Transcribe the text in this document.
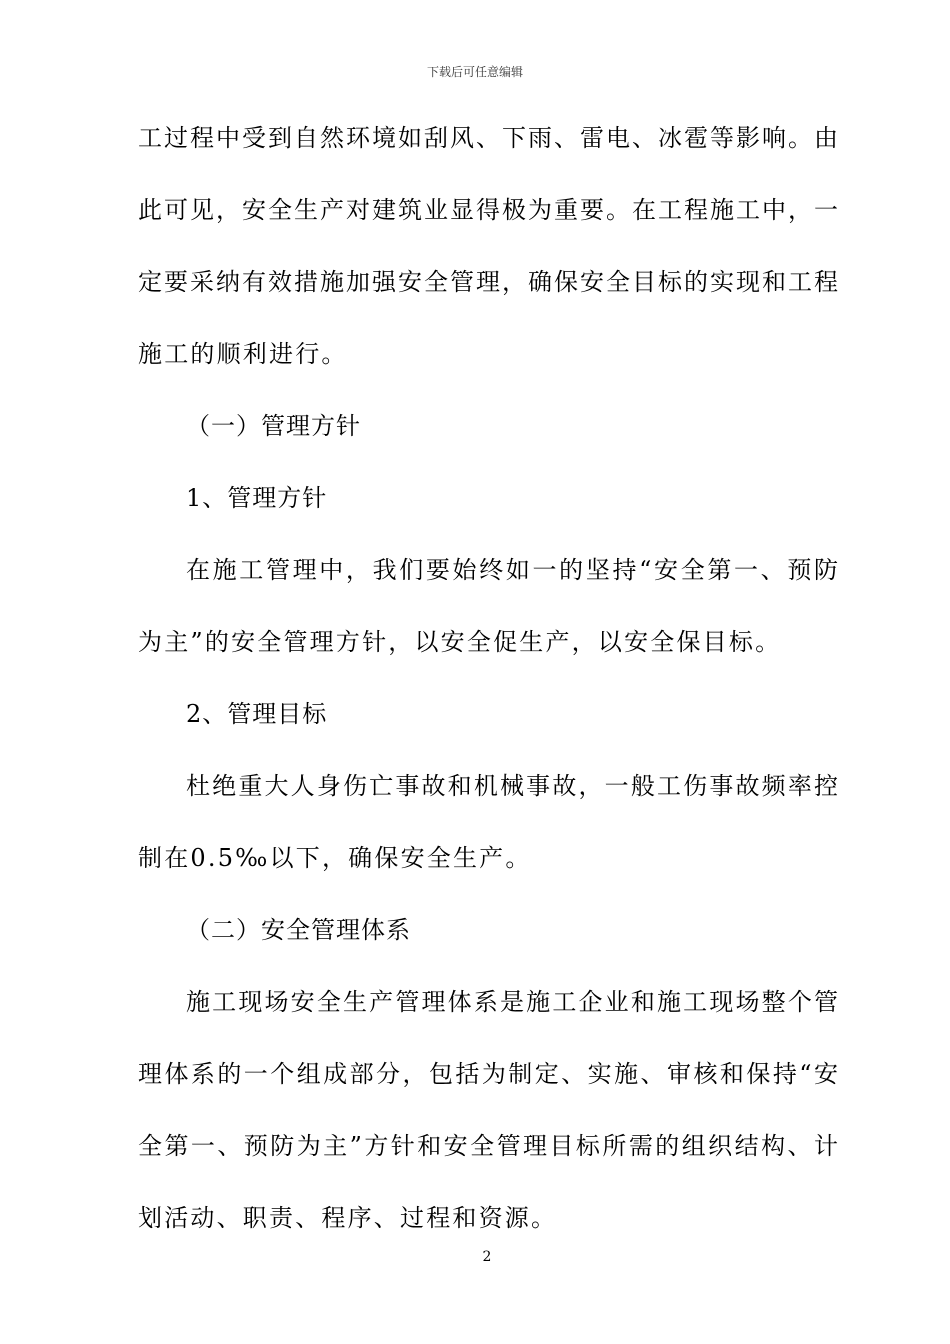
下载后可任意编辑

工过程中受到自然环境如刮风、下雨、雷电、冰雹等影响。由

此可见，安全生产对建筑业显得极为重要。在工程施工中，一

定要采纳有效措施加强安全管理，确保安全目标的实现和工程

施工的顺利进行。

（一）管理方针

1、管理方针

在施工管理中，我们要始终如一的坚持“安全第一、预防

为主”的安全管理方针，以安全促生产，以安全保目标。

2、管理目标

杜绝重大人身伤亡事故和机械事故，一般工伤事故频率控

制在0.5‰以下，确保安全生产。

（二）安全管理体系

施工现场安全生产管理体系是施工企业和施工现场整个管

理体系的一个组成部分，包括为制定、实施、审核和保持“安

全第一、预防为主”方针和安全管理目标所需的组织结构、计

划活动、职责、程序、过程和资源。

2
